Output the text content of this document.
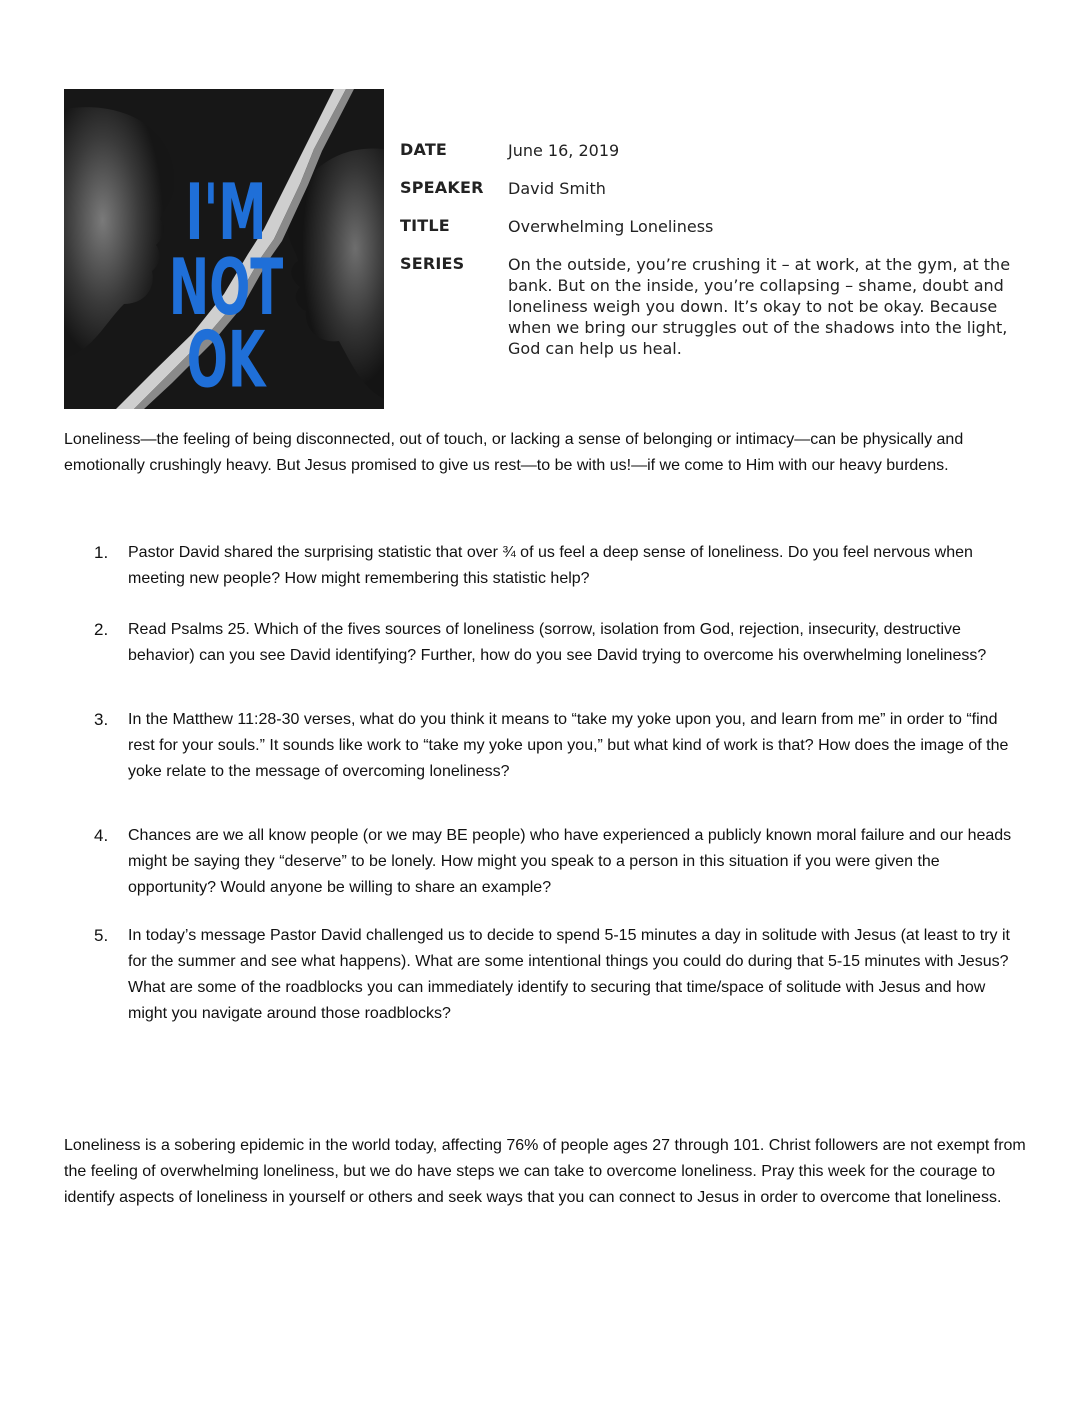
I'M
NOT
OK
DATE	June 16, 2019
SPEAKER	David Smith
TITLE	Overwhelming Loneliness
SERIES	On the outside, you’re crushing it – at work, at the gym, at the bank. But on the inside, you’re collapsing – shame, doubt and loneliness weigh you down. It’s okay to not be okay. Because when we bring our struggles out of the shadows into the light, God can help us heal.

Loneliness—the feeling of being disconnected, out of touch, or lacking a sense of belonging or intimacy—can be physically and emotionally crushingly heavy. But Jesus promised to give us rest—to be with us!—if we come to Him with our heavy burdens.

1.	Pastor David shared the surprising statistic that over ¾ of us feel a deep sense of loneliness. Do you feel nervous when meeting new people? How might remembering this statistic help?
2.	Read Psalms 25. Which of the fives sources of loneliness (sorrow, isolation from God, rejection, insecurity, destructive behavior) can you see David identifying? Further, how do you see David trying to overcome his overwhelming loneliness?
3.	In the Matthew 11:28-30 verses, what do you think it means to “take my yoke upon you, and learn from me” in order to “find rest for your souls.” It sounds like work to “take my yoke upon you,” but what kind of work is that? How does the image of the yoke relate to the message of overcoming loneliness?
4.	Chances are we all know people (or we may BE people) who have experienced a publicly known moral failure and our heads might be saying they “deserve” to be lonely. How might you speak to a person in this situation if you were given the opportunity? Would anyone be willing to share an example?
5.	In today’s message Pastor David challenged us to decide to spend 5-15 minutes a day in solitude with Jesus (at least to try it for the summer and see what happens). What are some intentional things you could do during that 5-15 minutes with Jesus? What are some of the roadblocks you can immediately identify to securing that time/space of solitude with Jesus and how might you navigate around those roadblocks?

Loneliness is a sobering epidemic in the world today, affecting 76% of people ages 27 through 101. Christ followers are not exempt from the feeling of overwhelming loneliness, but we do have steps we can take to overcome loneliness. Pray this week for the courage to identify aspects of loneliness in yourself or others and seek ways that you can connect to Jesus in order to overcome that loneliness.
